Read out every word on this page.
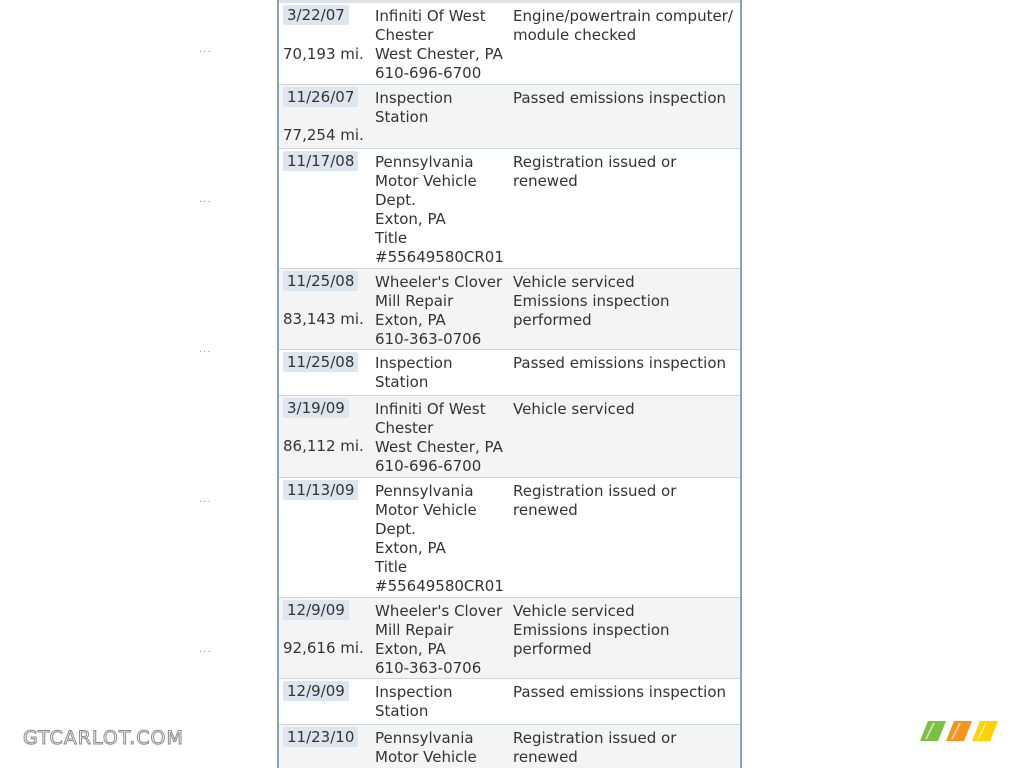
...
...
...
...
...
3/22/07
70,193 mi.
Infiniti Of West
Chester
West Chester, PA
610-696-6700
Engine/powertrain computer/
module checked
11/26/07
77,254 mi.
Inspection Station
Passed emissions inspection
11/17/08 Pennsylvania
Motor Vehicle
Dept.
Exton, PA
Title
#55649580CR01
Registration issued or renewed
11/25/08
83,143 mi.
Wheeler's Clover
Mill Repair
Exton, PA
610-363-0706
Vehicle serviced
Emissions inspection
performed
11/25/08 Inspection Station
Passed emissions inspection
3/19/09
86,112 mi.
Infiniti Of West
Chester
West Chester, PA
610-696-6700
Vehicle serviced
11/13/09 Pennsylvania
Motor Vehicle
Dept.
Exton, PA
Title
#55649580CR01
Registration issued or renewed
12/9/09
92,616 mi.
Wheeler's Clover
Mill Repair
Exton, PA
610-363-0706
Vehicle serviced
Emissions inspection
performed
12/9/09 Inspection Station
Passed emissions inspection
11/23/10 Pennsylvania
Motor Vehicle
Registration issued or renewed
GTCARLOT.COM
